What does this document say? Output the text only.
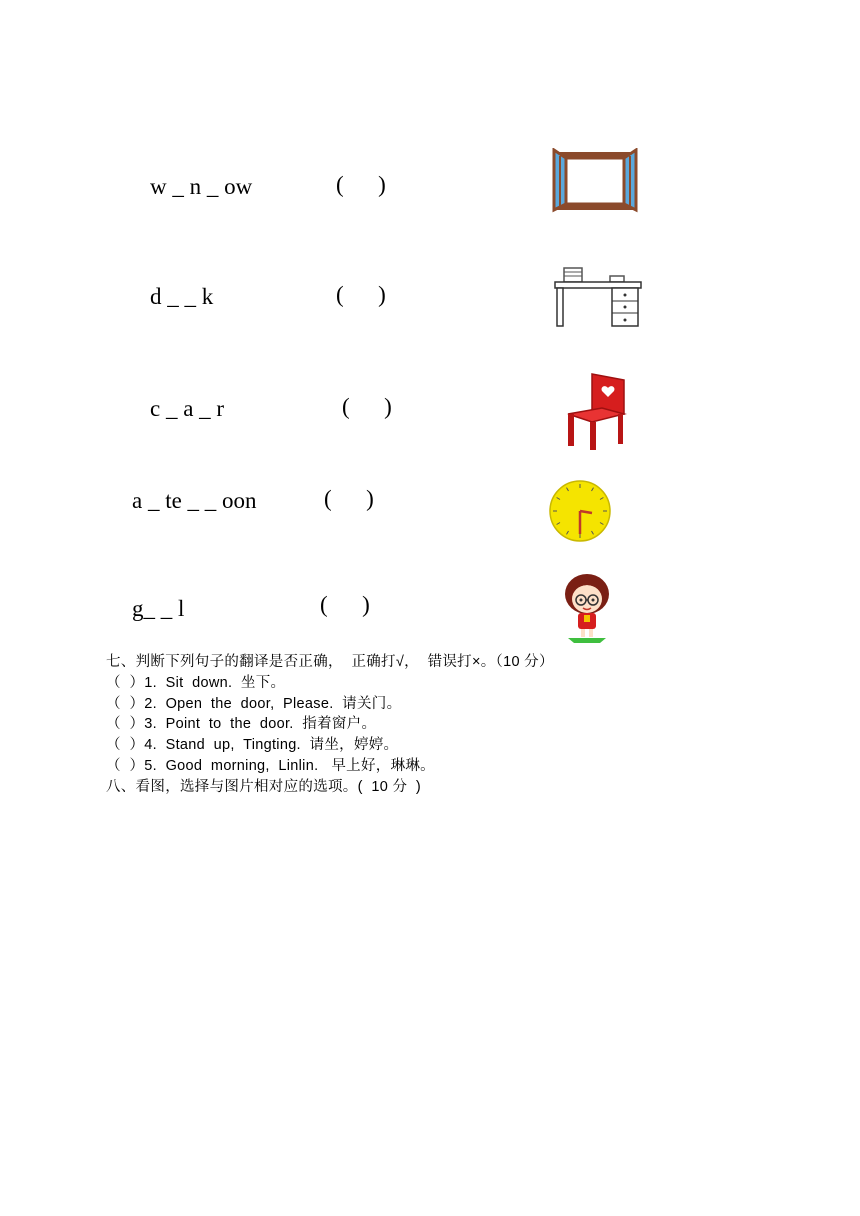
w _ n _ ow	(      )
d _ _ k	(      )
c _ a _ r	(      )
a _ te _ _ oon	(      )
g_ _ l	(      )
七、判断下列句子的翻译是否正确，  正确打√，  错误打×。（10 分）
（  ）1.  Sit  down.  坐下。
（  ）2.  Open  the  door,  Please.  请关门。
（  ）3.  Point  to  the  door.  指着窗户。
（  ）4.  Stand  up,  Tingting.  请坐，婷婷。
（  ）5.  Good  morning,  Linlin.   早上好，琳琳。
八、看图，选择与图片相对应的选项。(  10 分  )
